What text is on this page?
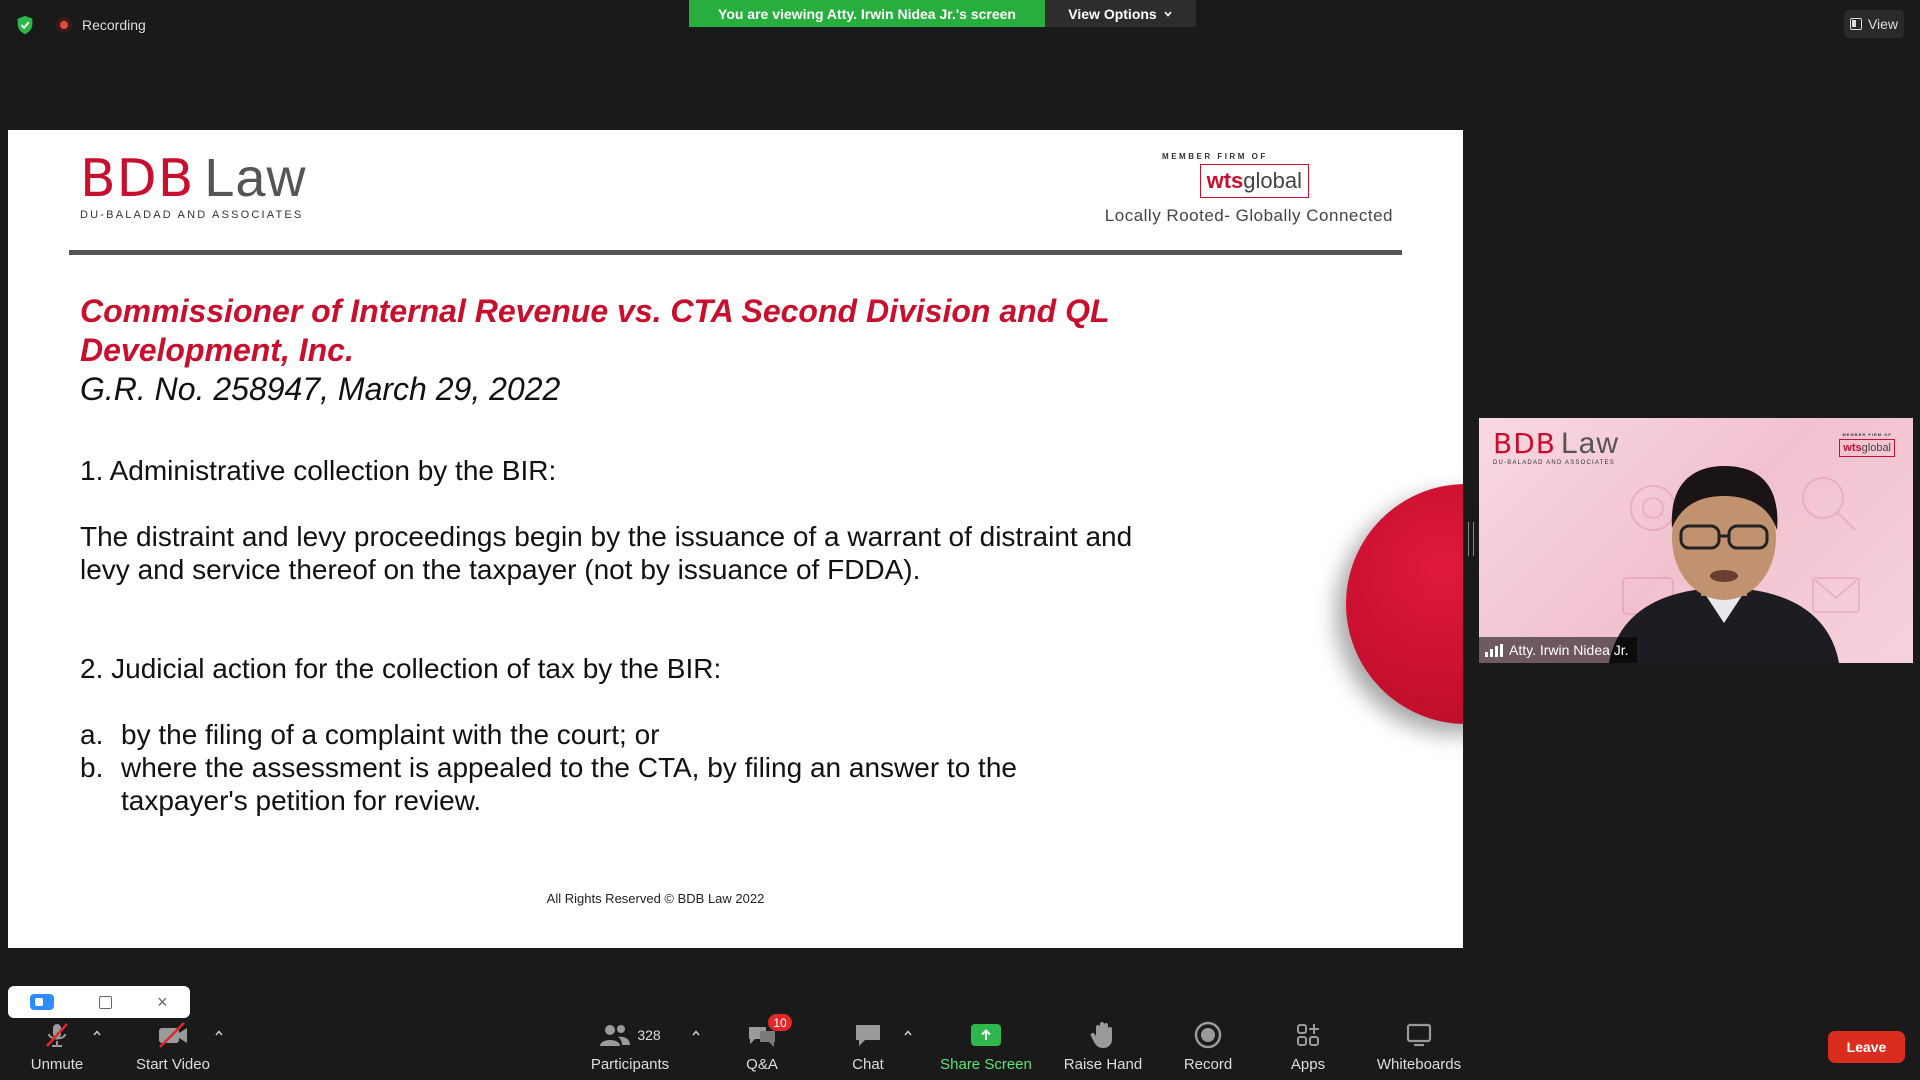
Recording
You are viewing Atty. Irwin Nidea Jr.'s screen	View Options
View
BDB Law
DU-BALADAD AND ASSOCIATES
MEMBER FIRM OF
wtsglobal
Locally Rooted- Globally Connected
Commissioner of Internal Revenue vs. CTA Second Division and QL Development, Inc.
G.R. No. 258947, March 29, 2022
1. Administrative collection by the BIR:
The distraint and levy proceedings begin by the issuance of a warrant of distraint and levy and service thereof on the taxpayer (not by issuance of FDDA).
2. Judicial action for the collection of tax by the BIR:
a. by the filing of a complaint with the court; or
b. where the assessment is appealed to the CTA, by filing an answer to the taxpayer's petition for review.
All Rights Reserved © BDB Law 2022
BDB Law
DU-BALADAD AND ASSOCIATES
MEMBER FIRM OF
wtsglobal
Atty. Irwin Nidea Jr.
×
Unmute	Start Video
328
Participants
10
Q&A	Chat	Share Screen Raise Hand	Record	Apps	Whiteboards
Leave
